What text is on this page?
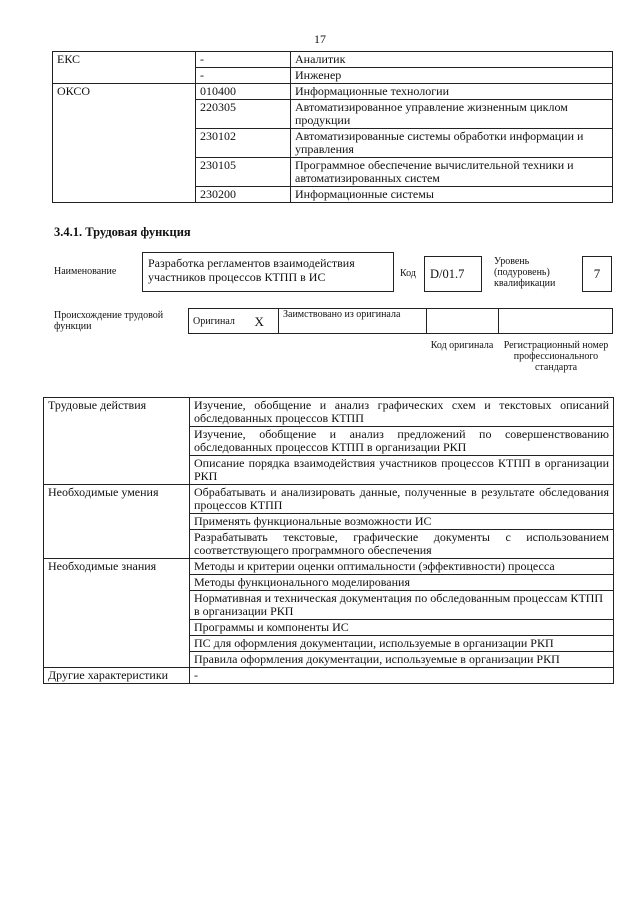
17
ЕКС	-	Аналитик
	-	Инженер
ОКСО	010400	Информационные технологии
	220305	Автоматизированное управление жизненным циклом продукции
	230102	Автоматизированные системы обработки информации и управления
	230105	Программное обеспечение вычислительной техники и автоматизированных систем
	230200	Информационные системы
3.4.1. Трудовая функция
Наименование
Разработка регламентов взаимодействия участников процессов КТПП в ИС	Код	D/01.7
Уровень (подуровень) квалификации
7
Происхождение трудовой функции	Оригинал	X	Заимствовано из оригинала		
Код оригинала	Регистрационный номер профессионального стандарта
Трудовые действия	Изучение, обобщение и анализ графических схем и текстовых описаний обследованных процессов КТПП
	Изучение, обобщение и анализ предложений по совершенствованию обследованных процессов КТПП в организации РКП
	Описание порядка взаимодействия участников процессов КТПП в организации РКП
Необходимые умения	Обрабатывать и анализировать данные, полученные в результате обследования процессов КТПП
	Применять функциональные возможности ИС
	Разрабатывать текстовые, графические документы с использованием соответствующего программного обеспечения
Необходимые знания	Методы и критерии оценки оптимальности (эффективности) процесса
	Методы функционального моделирования
	Нормативная и техническая документация по обследованным процессам КТПП в организации РКП
	Программы и компоненты ИС
	ПС для оформления документации, используемые в организации РКП
	Правила оформления документации, используемые в организации РКП
Другие характеристики	-
